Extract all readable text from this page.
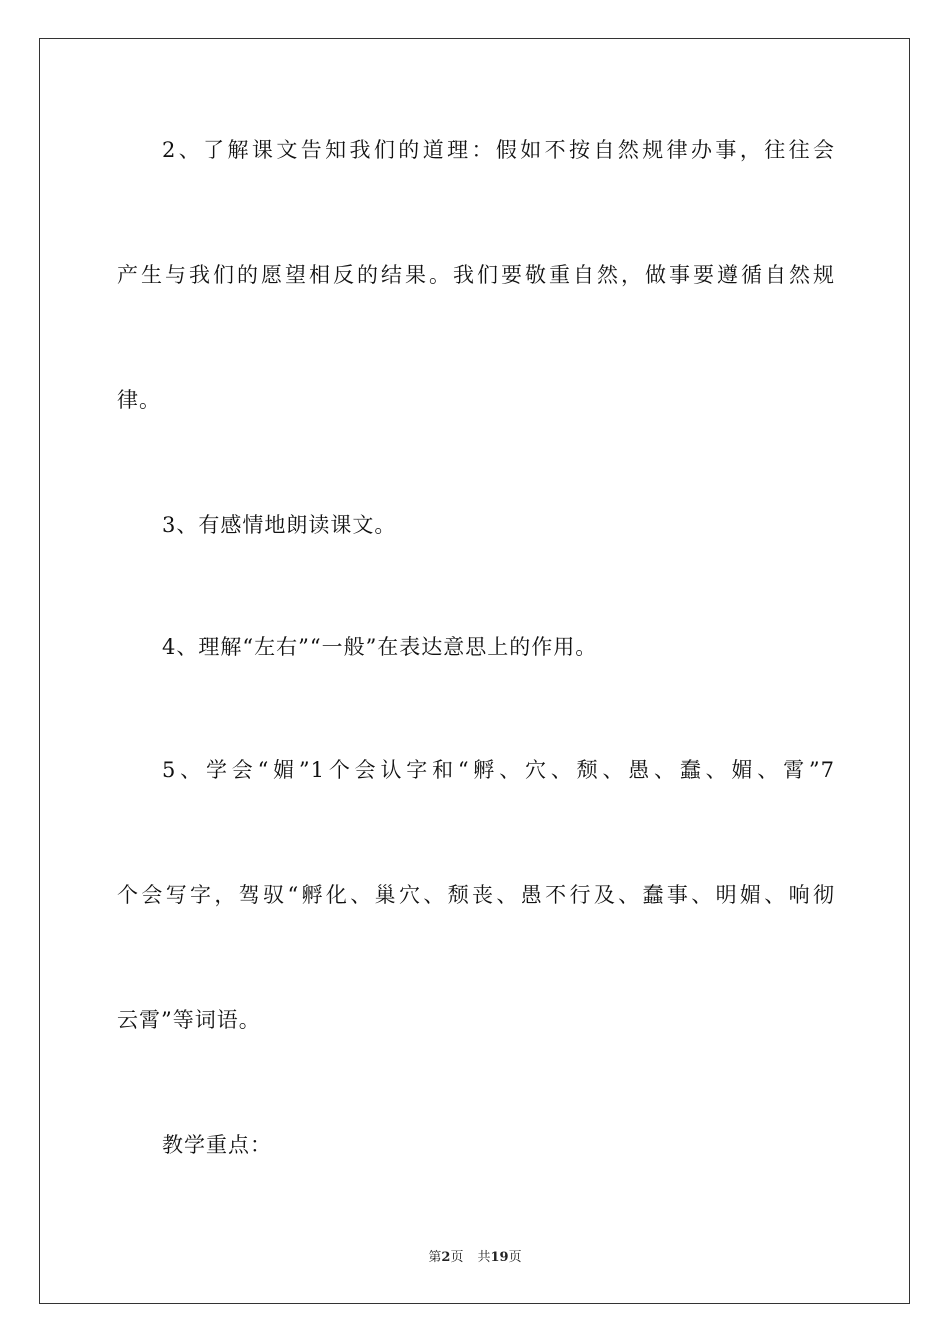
2、了解课文告知我们的道理：假如不按自然规律办事，往往会
产生与我们的愿望相反的结果。我们要敬重自然，做事要遵循自然规
律。
3、有感情地朗读课文。
4、理解“左右”“一般”在表达意思上的作用。
5、学会“媚”1个会认字和“孵、穴、颓、愚、蠢、媚、霄”7
个会写字，驾驭“孵化、巢穴、颓丧、愚不行及、蠢事、明媚、响彻
云霄”等词语。
教学重点：
第2页 共19页
